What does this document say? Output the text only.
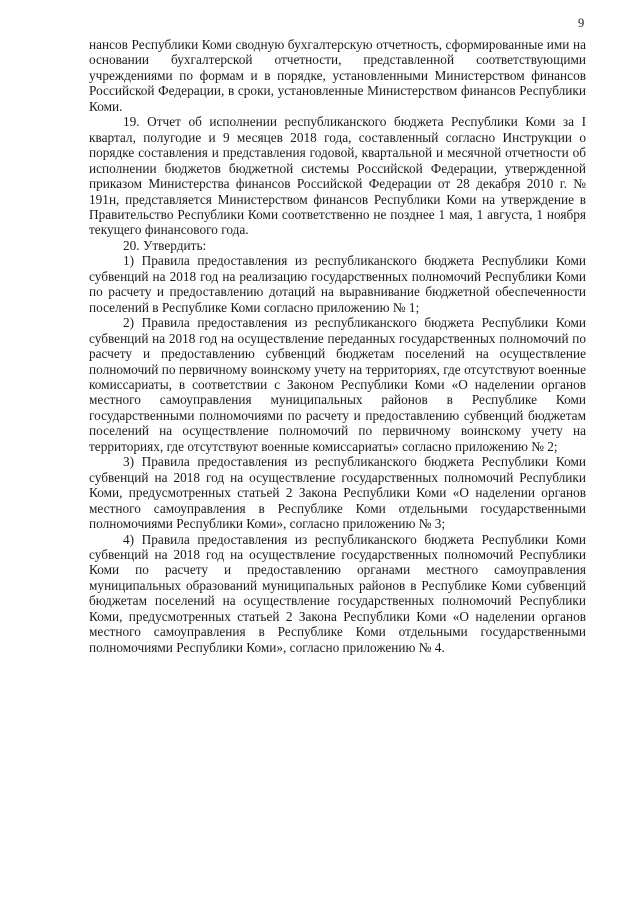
9

нансов Республики Коми сводную бухгалтерскую отчетность, сформированные ими на основании бухгалтерской отчетности, представленной соответствующими учреждениями по формам и в порядке, установленными Министерством финансов Российской Федерации, в сроки, установленные Министерством финансов Республики Коми.

19. Отчет об исполнении республиканского бюджета Республики Коми за I квартал, полугодие и 9 месяцев 2018 года, составленный согласно Инструкции о порядке составления и представления годовой, квартальной и месячной отчетности об исполнении бюджетов бюджетной системы Российской Федерации, утвержденной приказом Министерства финансов Российской Федерации от 28 декабря 2010 г. № 191н, представляется Министерством финансов Республики Коми на утверждение в Правительство Республики Коми соответственно не позднее 1 мая, 1 августа, 1 ноября текущего финансового года.

20. Утвердить:

1) Правила предоставления из республиканского бюджета Республики Коми субвенций на 2018 год на реализацию государственных полномочий Республики Коми по расчету и предоставлению дотаций на выравнивание бюджетной обеспеченности поселений в Республике Коми согласно приложению № 1;

2) Правила предоставления из республиканского бюджета Республики Коми субвенций на 2018 год на осуществление переданных государственных полномочий по расчету и предоставлению субвенций бюджетам поселений на осуществление полномочий по первичному воинскому учету на территориях, где отсутствуют военные комиссариаты, в соответствии с Законом Республики Коми «О наделении органов местного самоуправления муниципальных районов в Республике Коми государственными полномочиями по расчету и предоставлению субвенций бюджетам поселений на осуществление полномочий по первичному воинскому учету на территориях, где отсутствуют военные комиссариаты» согласно приложению № 2;

3) Правила предоставления из республиканского бюджета Республики Коми субвенций на 2018 год на осуществление государственных полномочий Республики Коми, предусмотренных статьей 2 Закона Республики Коми «О наделении органов местного самоуправления в Республике Коми отдельными государственными полномочиями Республики Коми», согласно приложению № 3;

4) Правила предоставления из республиканского бюджета Республики Коми субвенций на 2018 год на осуществление государственных полномочий Республики Коми по расчету и предоставлению органами местного самоуправления муниципальных образований муниципальных районов в Республике Коми субвенций бюджетам поселений на осуществление государственных полномочий Республики Коми, предусмотренных статьей 2 Закона Республики Коми «О наделении органов местного самоуправления в Республике Коми отдельными государственными полномочиями Республики Коми», согласно приложению № 4.
